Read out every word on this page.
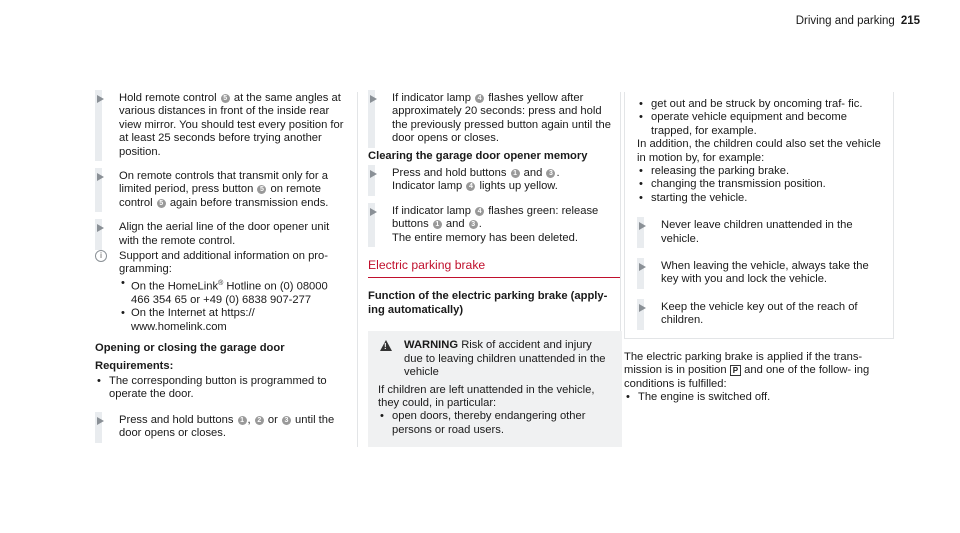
Driving and parking 215
Hold remote control 5 at the same angles at various distances in front of the inside rear view mirror. You should test every position for at least 25 seconds before trying another position.
On remote controls that transmit only for a limited period, press button 5 on remote control 5 again before transmission ends.
Align the aerial line of the door opener unit with the remote control.
i	Support and additional information on pro- gramming:
• On the HomeLink® Hotline on (0) 08000 466 354 65 or +49 (0) 6838 907-277
• On the Internet at https:// www.homelink.com
Opening or closing the garage door
Requirements:
• The corresponding button is programmed to operate the door.
Press and hold buttons 1 , 2 or 3 until the door opens or closes.
If indicator lamp 4 flashes yellow after approximately 20 seconds: press and hold the previously pressed button again until the door opens or closes.
Clearing the garage door opener memory
Press and hold buttons 1 and 3 .
Indicator lamp 4 lights up yellow.
If indicator lamp 4 flashes green: release buttons 1 and 3 .
The entire memory has been deleted.
Electric parking brake
Function of the electric parking brake (apply- ing automatically)
!
WARNING Risk of accident and injury due to leaving children unattended in the vehicle
If children are left unattended in the vehicle, they could, in particular:
• open doors, thereby endangering other persons or road users.
• get out and be struck by oncoming traf- fic.
• operate vehicle equipment and become trapped, for example.
In addition, the children could also set the vehicle in motion by, for example:
• releasing the parking brake.
• changing the transmission position.
• starting the vehicle.
Never leave children unattended in the vehicle.
When leaving the vehicle, always take the key with you and lock the vehicle.
Keep the vehicle key out of the reach of children.
The electric parking brake is applied if the trans- mission is in position P and one of the follow- ing conditions is fulfilled:
• The engine is switched off.
